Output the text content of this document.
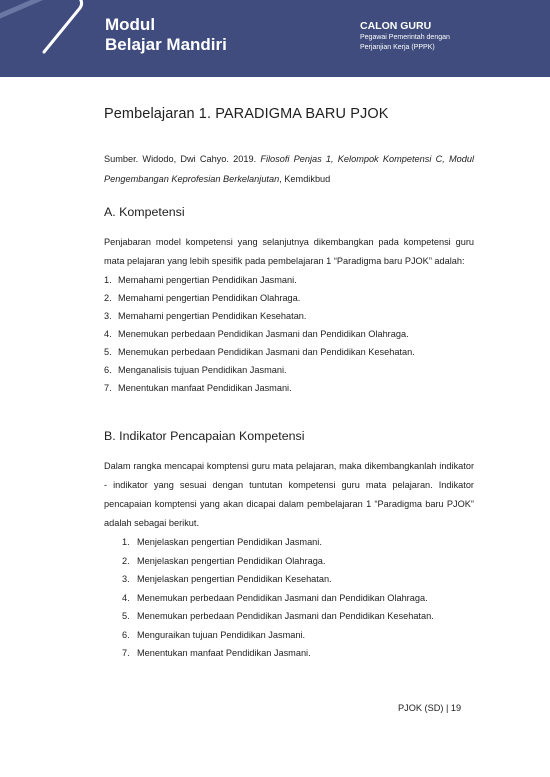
Modul
Belajar Mandiri
CALON GURU
Pegawai Pemerintah dengan
Perjanjian Kerja (PPPK)
Pembelajaran 1. PARADIGMA BARU PJOK
Sumber. Widodo, Dwi Cahyo. 2019. Filosofi Penjas 1, Kelompok Kompetensi C, Modul Pengembangan Keprofesian Berkelanjutan, Kemdikbud
A. Kompetensi

Penjabaran model kompetensi yang selanjutnya dikembangkan pada kompetensi guru mata pelajaran yang lebih spesifik pada pembelajaran 1 “Paradigma baru PJOK” adalah:

1. Memahami pengertian Pendidikan Jasmani.
2. Memahami pengertian Pendidikan Olahraga.
3. Memahami pengertian Pendidikan Kesehatan.
4. Menemukan perbedaan Pendidikan Jasmani dan Pendidikan Olahraga.
5. Menemukan perbedaan Pendidikan Jasmani dan Pendidikan Kesehatan.
6. Menganalisis tujuan Pendidikan Jasmani.
7. Menentukan manfaat Pendidikan Jasmani.
B. Indikator Pencapaian Kompetensi

Dalam rangka mencapai komptensi guru mata pelajaran, maka dikembangkanlah indikator - indikator yang sesuai dengan tuntutan kompetensi guru mata pelajaran. Indikator pencapaian komptensi yang akan dicapai dalam pembelajaran 1 “Paradigma baru PJOK” adalah sebagai berikut.

1. Menjelaskan pengertian Pendidikan Jasmani.
2. Menjelaskan pengertian Pendidikan Olahraga.
3. Menjelaskan pengertian Pendidikan Kesehatan.
4. Menemukan perbedaan Pendidikan Jasmani dan Pendidikan Olahraga.
5. Menemukan perbedaan Pendidikan Jasmani dan Pendidikan Kesehatan.
6. Menguraikan tujuan Pendidikan Jasmani.
7. Menentukan manfaat Pendidikan Jasmani.
PJOK (SD) | 19
